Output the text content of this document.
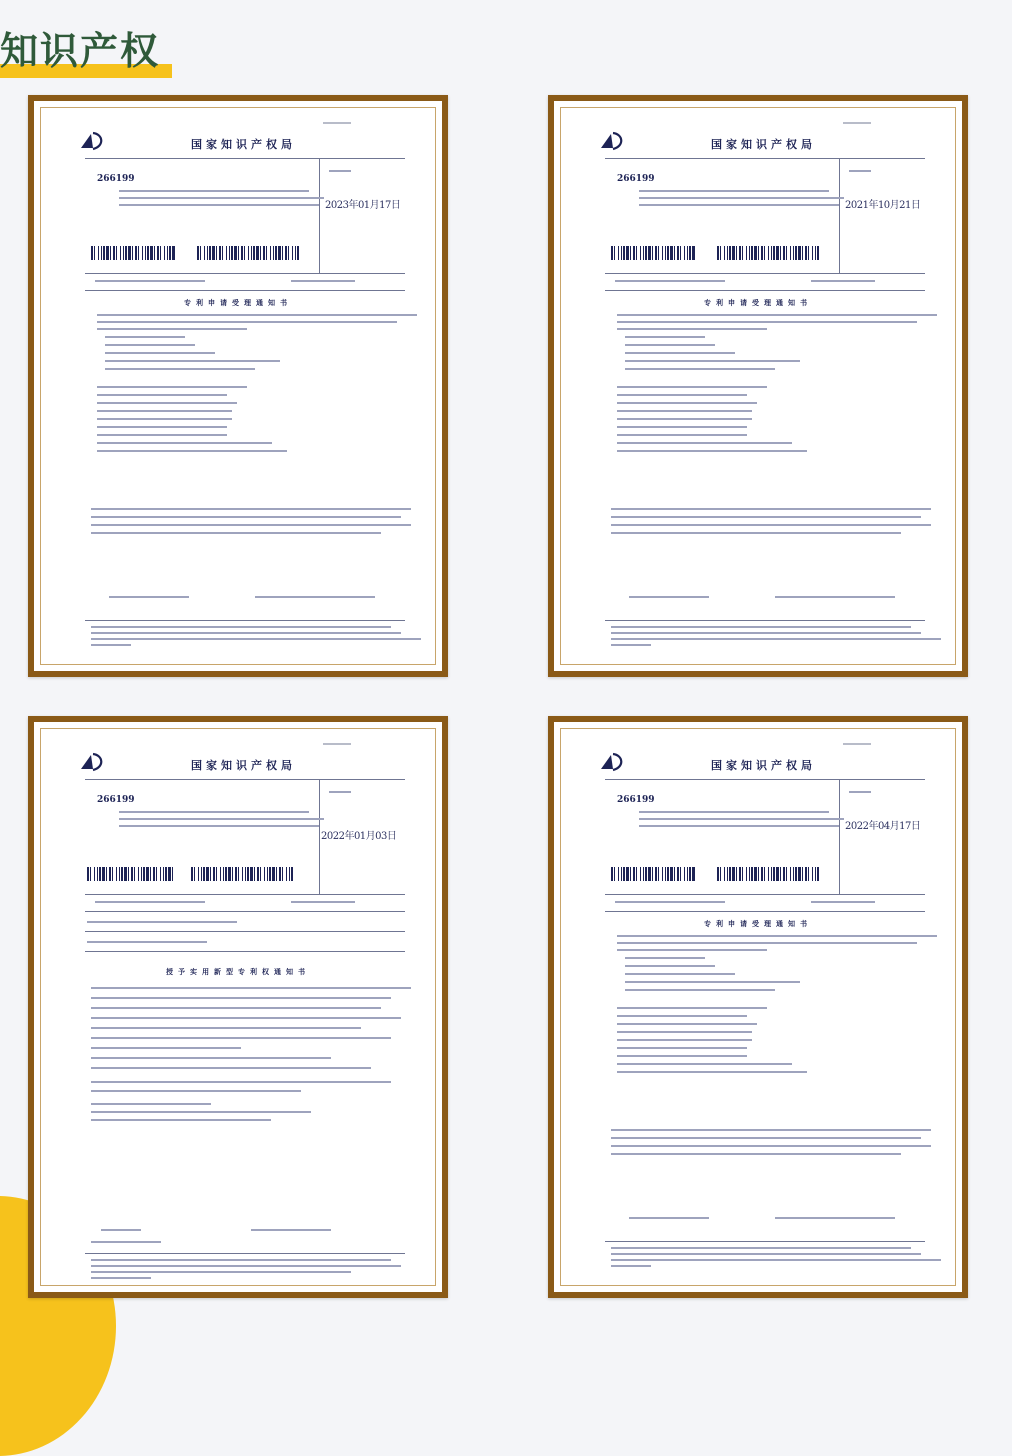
知识产权
国家知识产权局
266199
2023年01月17日
专利申请受理通知书
国家知识产权局
266199
2021年10月21日
专利申请受理通知书
国家知识产权局
266199
2022年01月03日
授予实用新型专利权通知书
国家知识产权局
266199
2022年04月17日
专利申请受理通知书
